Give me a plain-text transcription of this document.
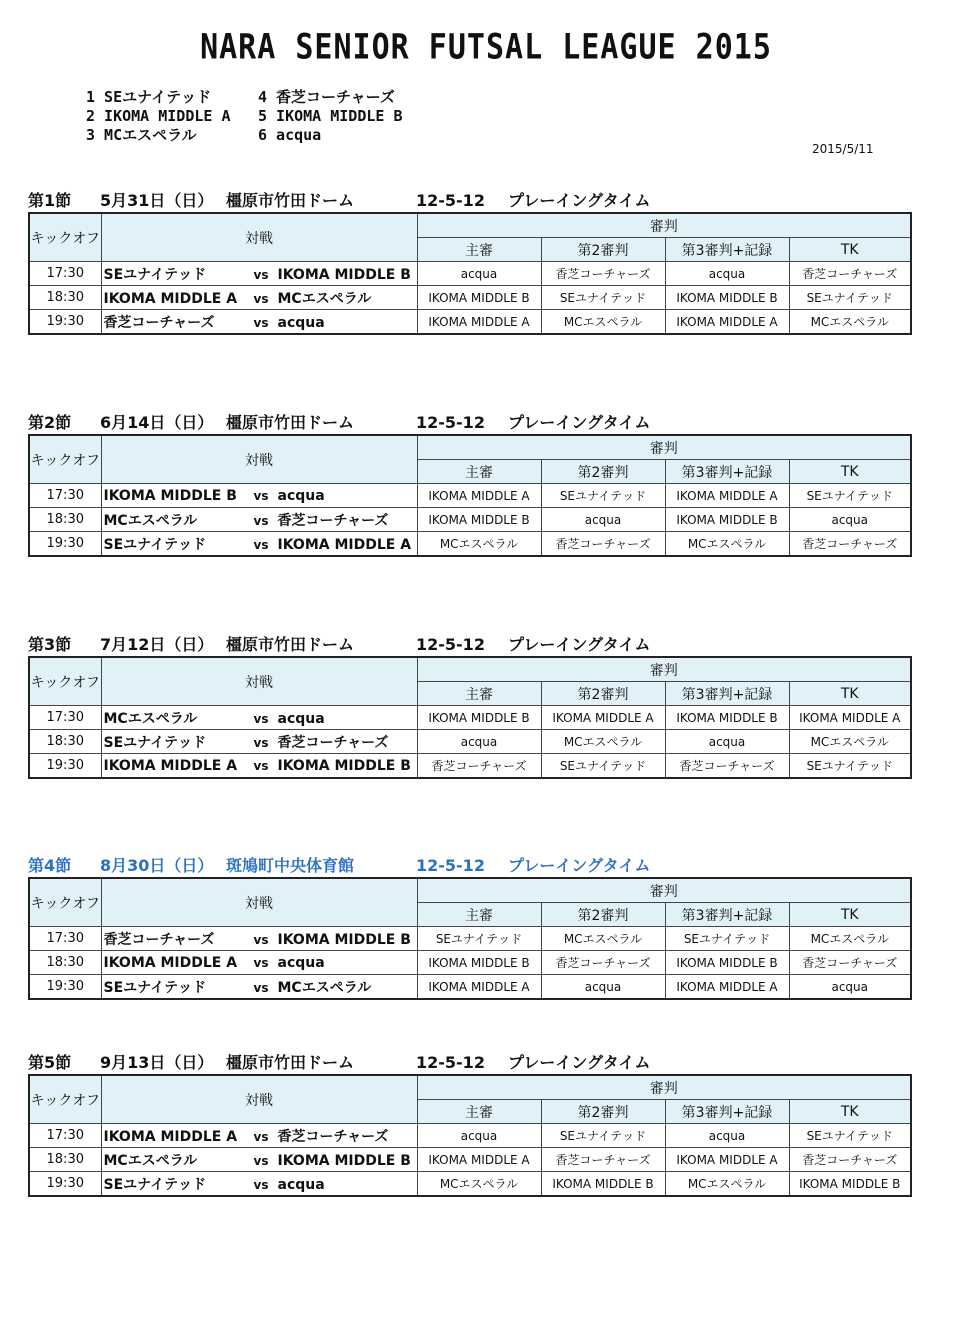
NARA SENIOR FUTSAL LEAGUE 2015
1 SEユナイテッド
2 IKOMA MIDDLE A
3 MCエスペラル
4 香芝コーチャーズ
5 IKOMA MIDDLE B
6 acqua
2015/5/11
第1節	5月31日（日） 橿原市竹田ドーム	12-5-12	プレーイングタイム
キックオフ	対戦	審判			
		主審	第2審判	第3審判+記録	TK
17:30	SEユナイテッド vs IKOMA MIDDLE B	acqua	香芝コーチャーズ	acqua	香芝コーチャーズ
18:30	IKOMA MIDDLE A vs MCエスペラル	IKOMA MIDDLE B	SEユナイテッド	IKOMA MIDDLE B	SEユナイテッド
19:30	香芝コーチャーズ vs acqua	IKOMA MIDDLE A	MCエスペラル	IKOMA MIDDLE A	MCエスペラル
第2節	6月14日（日） 橿原市竹田ドーム	12-5-12	プレーイングタイム
キックオフ	対戦	審判			
		主審	第2審判	第3審判+記録	TK
17:30	IKOMA MIDDLE B vs acqua	IKOMA MIDDLE A	SEユナイテッド	IKOMA MIDDLE A	SEユナイテッド
18:30	MCエスペラル vs 香芝コーチャーズ	IKOMA MIDDLE B	acqua	IKOMA MIDDLE B	acqua
19:30	SEユナイテッド vs IKOMA MIDDLE A	MCエスペラル	香芝コーチャーズ	MCエスペラル	香芝コーチャーズ
第3節	7月12日（日） 橿原市竹田ドーム	12-5-12	プレーイングタイム
キックオフ	対戦	審判			
		主審	第2審判	第3審判+記録	TK
17:30	MCエスペラル vs acqua	IKOMA MIDDLE B	IKOMA MIDDLE A	IKOMA MIDDLE B	IKOMA MIDDLE A
18:30	SEユナイテッド vs 香芝コーチャーズ	acqua	MCエスペラル	acqua	MCエスペラル
19:30	IKOMA MIDDLE A vs IKOMA MIDDLE B	香芝コーチャーズ	SEユナイテッド	香芝コーチャーズ	SEユナイテッド
第4節	8月30日（日） 斑鳩町中央体育館	12-5-12	プレーイングタイム
キックオフ	対戦	審判			
		主審	第2審判	第3審判+記録	TK
17:30	香芝コーチャーズ vs IKOMA MIDDLE B	SEユナイテッド	MCエスペラル	SEユナイテッド	MCエスペラル
18:30	IKOMA MIDDLE A vs acqua	IKOMA MIDDLE B	香芝コーチャーズ	IKOMA MIDDLE B	香芝コーチャーズ
19:30	SEユナイテッド vs MCエスペラル	IKOMA MIDDLE A	acqua	IKOMA MIDDLE A	acqua
第5節	9月13日（日） 橿原市竹田ドーム	12-5-12	プレーイングタイム
キックオフ	対戦	審判			
		主審	第2審判	第3審判+記録	TK
17:30	IKOMA MIDDLE A vs 香芝コーチャーズ	acqua	SEユナイテッド	acqua	SEユナイテッド
18:30	MCエスペラル vs IKOMA MIDDLE B	IKOMA MIDDLE A	香芝コーチャーズ	IKOMA MIDDLE A	香芝コーチャーズ
19:30	SEユナイテッド vs acqua	MCエスペラル	IKOMA MIDDLE B	MCエスペラル	IKOMA MIDDLE B
